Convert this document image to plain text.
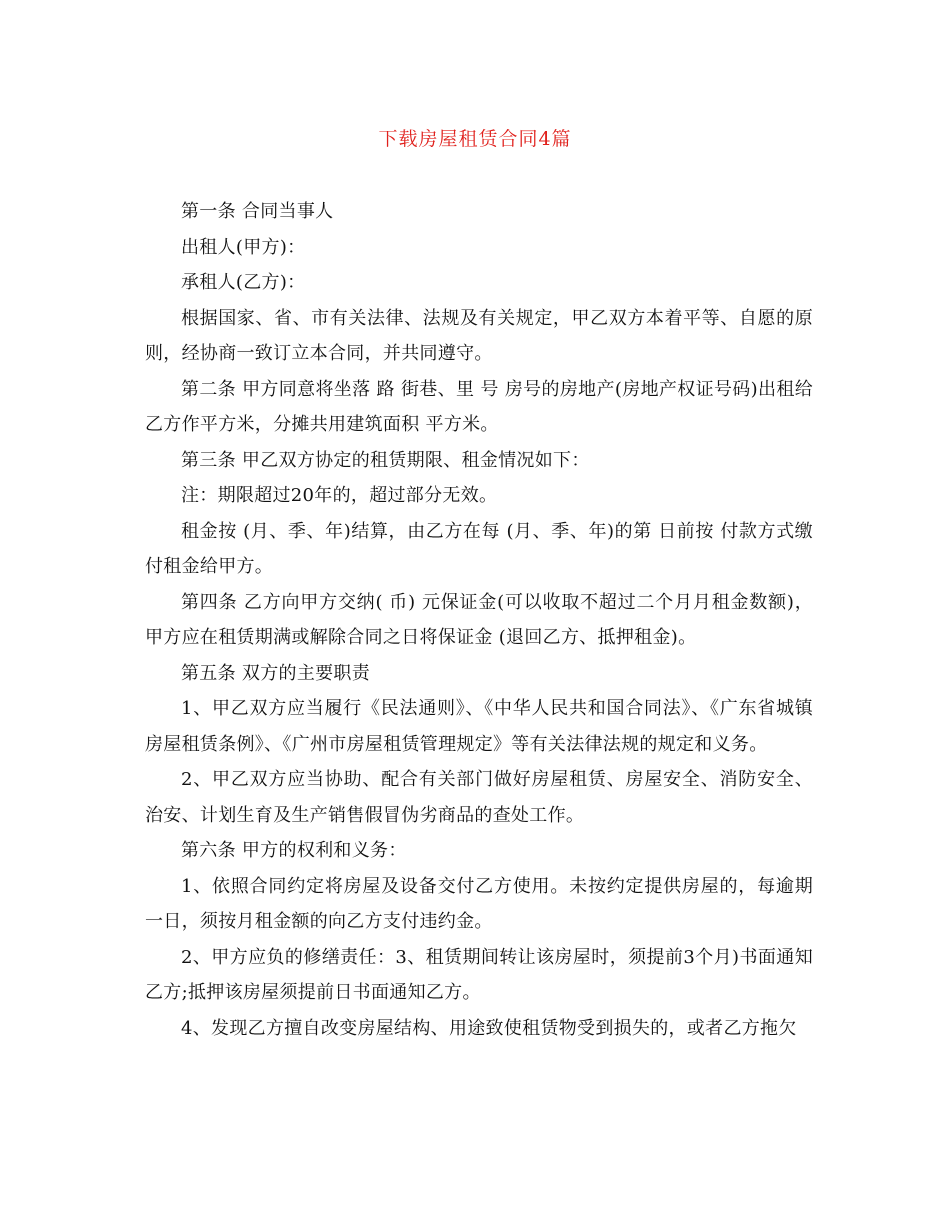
下载房屋租赁合同4篇

第一条 合同当事人

出租人(甲方)：

承租人(乙方)：

根据国家、省、市有关法律、法规及有关规定，甲乙双方本着平等、自愿的原则，经协商一致订立本合同，并共同遵守。

第二条 甲方同意将坐落 路 街巷、里 号 房号的房地产(房地产权证号码)出租给乙方作平方米，分摊共用建筑面积 平方米。

第三条 甲乙双方协定的租赁期限、租金情况如下：

注：期限超过20年的，超过部分无效。

租金按 (月、季、年)结算，由乙方在每 (月、季、年)的第 日前按 付款方式缴付租金给甲方。

第四条 乙方向甲方交纳( 币) 元保证金(可以收取不超过二个月月租金数额)，甲方应在租赁期满或解除合同之日将保证金 (退回乙方、抵押租金)。

第五条 双方的主要职责

1、甲乙双方应当履行《民法通则》、《中华人民共和国合同法》、《广东省城镇房屋租赁条例》、《广州市房屋租赁管理规定》等有关法律法规的规定和义务。

2、甲乙双方应当协助、配合有关部门做好房屋租赁、房屋安全、消防安全、治安、计划生育及生产销售假冒伪劣商品的查处工作。

第六条 甲方的权利和义务：

1、依照合同约定将房屋及设备交付乙方使用。未按约定提供房屋的，每逾期一日，须按月租金额的向乙方支付违约金。

2、甲方应负的修缮责任：3、租赁期间转让该房屋时，须提前3个月)书面通知乙方;抵押该房屋须提前日书面通知乙方。

4、发现乙方擅自改变房屋结构、用途致使租赁物受到损失的，或者乙方拖欠
